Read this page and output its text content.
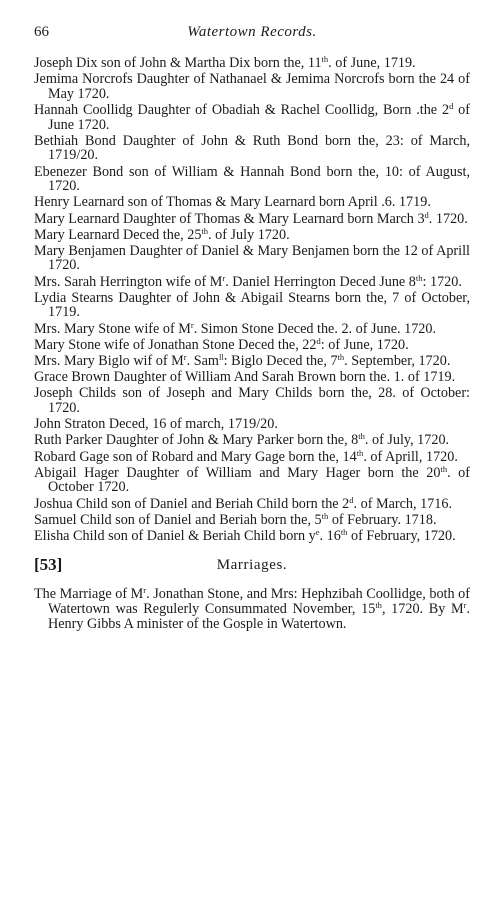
66	Watertown Records.

Joseph Dix son of John & Martha Dix born the, 11th. of June, 1719.

Jemima Norcrofs Daughter of Nathanael & Jemima Norcrofs born the 24 of May 1720.

Hannah Coollidg Daughter of Obadiah & Rachel Coollidg, Born .the 2$^d$ of June 1720.

Bethiah Bond Daughter of John & Ruth Bond born the, 23: of March, 1719/20.

Ebenezer Bond son of William & Hannah Bond born the, 10: of August, 1720.

Henry Learnard son of Thomas & Mary Learnard born April .6. 1719.

Mary Learnard Daughter of Thomas & Mary Learnard born March 3$^d$. 1720.

Mary Learnard Deced the, 25th. of July 1720.

Mary Benjamen Daughter of Daniel & Mary Benjamen born the 12 of Aprill 1720.

Mrs. Sarah Herrington wife of $M^r$. Daniel Herrington Deced June 8th: 1720.

Lydia Stearns Daughter of John & Abigail Stearns born the, 7 of October, 1719.

Mrs. Mary Stone wife of $M^r$. Simon Stone Deced the. 2. of June. 1720.

Mary Stone wife of Jonathan Stone Deced the, 22$^d$: of June, 1720.

Mrs. Mary Biglo wif of $M^r$. Sam$^{ll}$: Biglo Deced the, 7th. September, 1720.

Grace Brown Daughter of William And Sarah Brown born the. 1. of 1719.

Joseph Childs son of Joseph and Mary Childs born the, 28. of October: 1720.

John Straton Deced, 16 of march, 1719/20.

Ruth Parker Daughter of John & Mary Parker born the, 8th. of July, 1720.

Robard Gage son of Robard and Mary Gage born the, 14th. of Aprill, 1720.

Abigail Hager Daughter of William and Mary Hager born the 20th. of October 1720.

Joshua Child son of Daniel and Beriah Child born the 2$^d$. of March, 1716.

Samuel Child son of Daniel and Beriah born the, 5th of February. 1718.

Elisha Child son of Daniel & Beriah Child born $y^e$. 16th of February, 1720.

[53]	Marriages.

The Marriage of $M^r$. Jonathan Stone, and Mrs: Hephzibah Coollidge, both of Watertown was Regulerly Consummated November, 15th, 1720. By $M^r$. Henry Gibbs A minister of the Gosple in Watertown.
